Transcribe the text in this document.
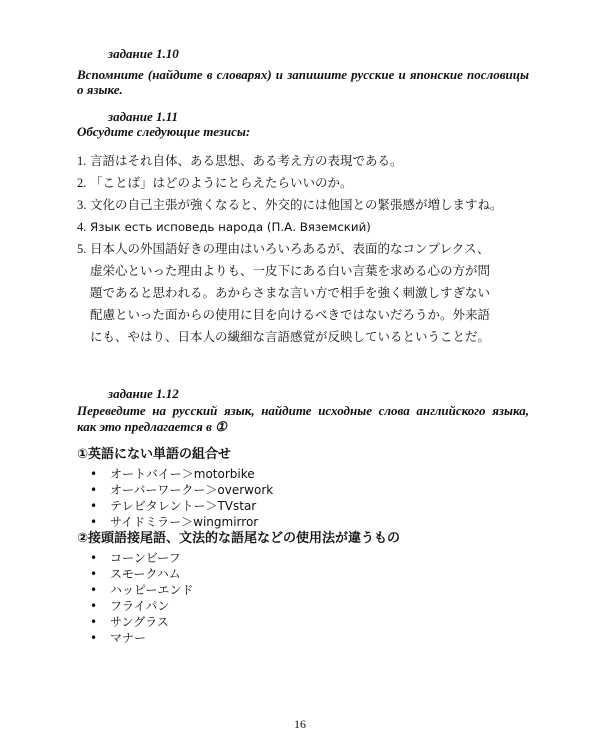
задание 1.10
Вспомните (найдите в словарях) и запишите русские и японские пословицы
о языке.
задание 1.11
Обсудите следующие тезисы:
1. 言語はそれ自体、ある思想、ある考え方の表現である。
2. 「ことば」はどのようにとらえたらいいのか。
3. 文化の自己主張が強くなると、外交的には他国との緊張感が増しますね。
4. Язык есть исповедь народа (П.А. Вяземский)
5. 日本人の外国語好きの理由はいろいろあるが、表面的なコンプレクス、
虚栄心といった理由よりも、一皮下にある白い言葉を求める心の方が問
題であると思われる。あからさまな言い方で相手を強く刺激しすぎない
配慮といった面からの使用に目を向けるべきではないだろうか。外来語
にも、やはり、日本人の繊細な言語感覚が反映しているということだ。
задание 1.12
Переведите на русский язык, найдите исходные слова английского языка,
как это предлагается в ①
①英語にない単語の組合せ
• オートバイー＞motorbike
• オーバーワークー＞overwork
• テレビタレントー＞TVstar
• サイドミラー＞wingmirror
②接頭語接尾語、文法的な語尾などの使用法が違うもの
• コーンビーフ
• スモークハム
• ハッピーエンド
• フライパン
• サングラス
• マナー
16
